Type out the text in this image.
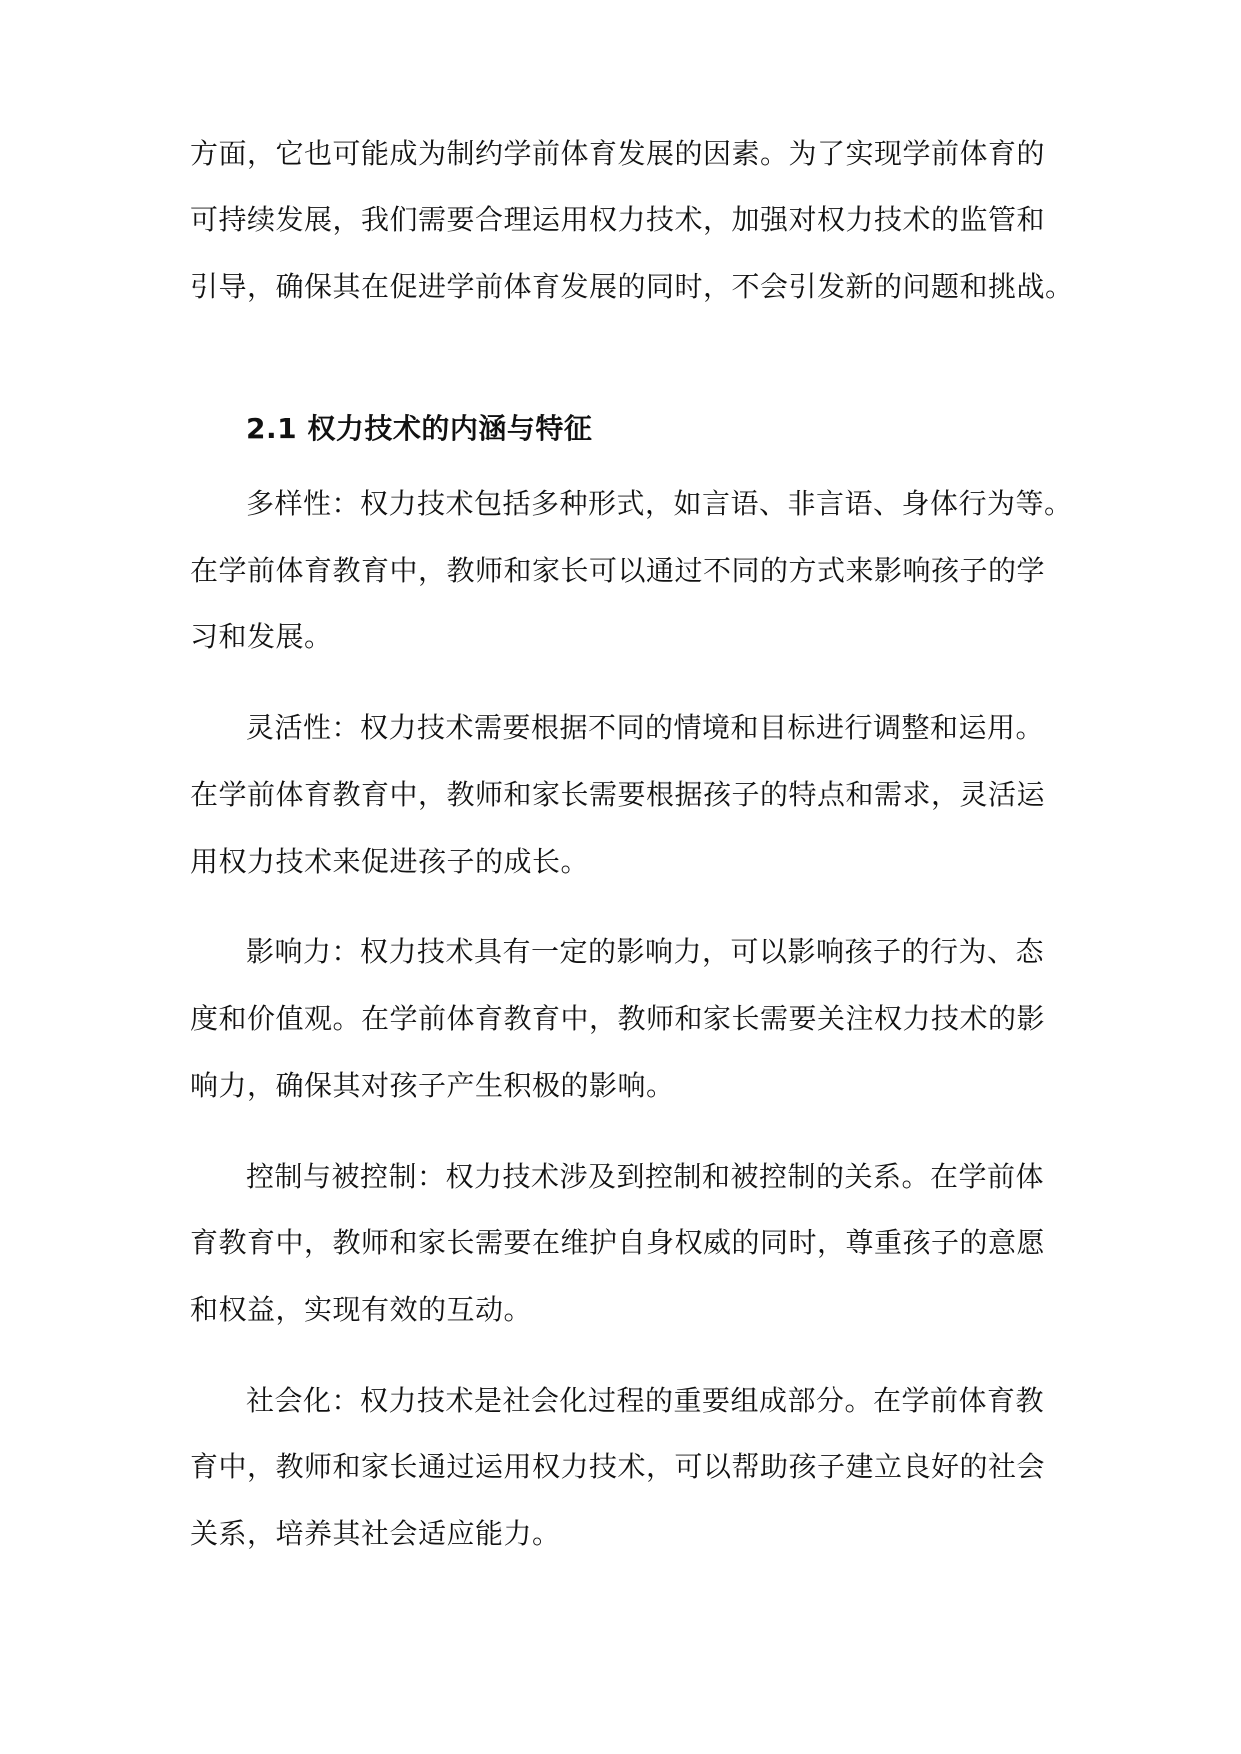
方面，它也可能成为制约学前体育发展的因素。为了实现学前体育的
可持续发展，我们需要合理运用权力技术，加强对权力技术的监管和
引导，确保其在促进学前体育发展的同时，不会引发新的问题和挑战。
2.1 权力技术的内涵与特征
多样性：权力技术包括多种形式，如言语、非言语、身体行为等。
在学前体育教育中，教师和家长可以通过不同的方式来影响孩子的学
习和发展。
灵活性：权力技术需要根据不同的情境和目标进行调整和运用。
在学前体育教育中，教师和家长需要根据孩子的特点和需求，灵活运
用权力技术来促进孩子的成长。
影响力：权力技术具有一定的影响力，可以影响孩子的行为、态
度和价值观。在学前体育教育中，教师和家长需要关注权力技术的影
响力，确保其对孩子产生积极的影响。
控制与被控制：权力技术涉及到控制和被控制的关系。在学前体
育教育中，教师和家长需要在维护自身权威的同时，尊重孩子的意愿
和权益，实现有效的互动。
社会化：权力技术是社会化过程的重要组成部分。在学前体育教
育中，教师和家长通过运用权力技术，可以帮助孩子建立良好的社会
关系，培养其社会适应能力。
